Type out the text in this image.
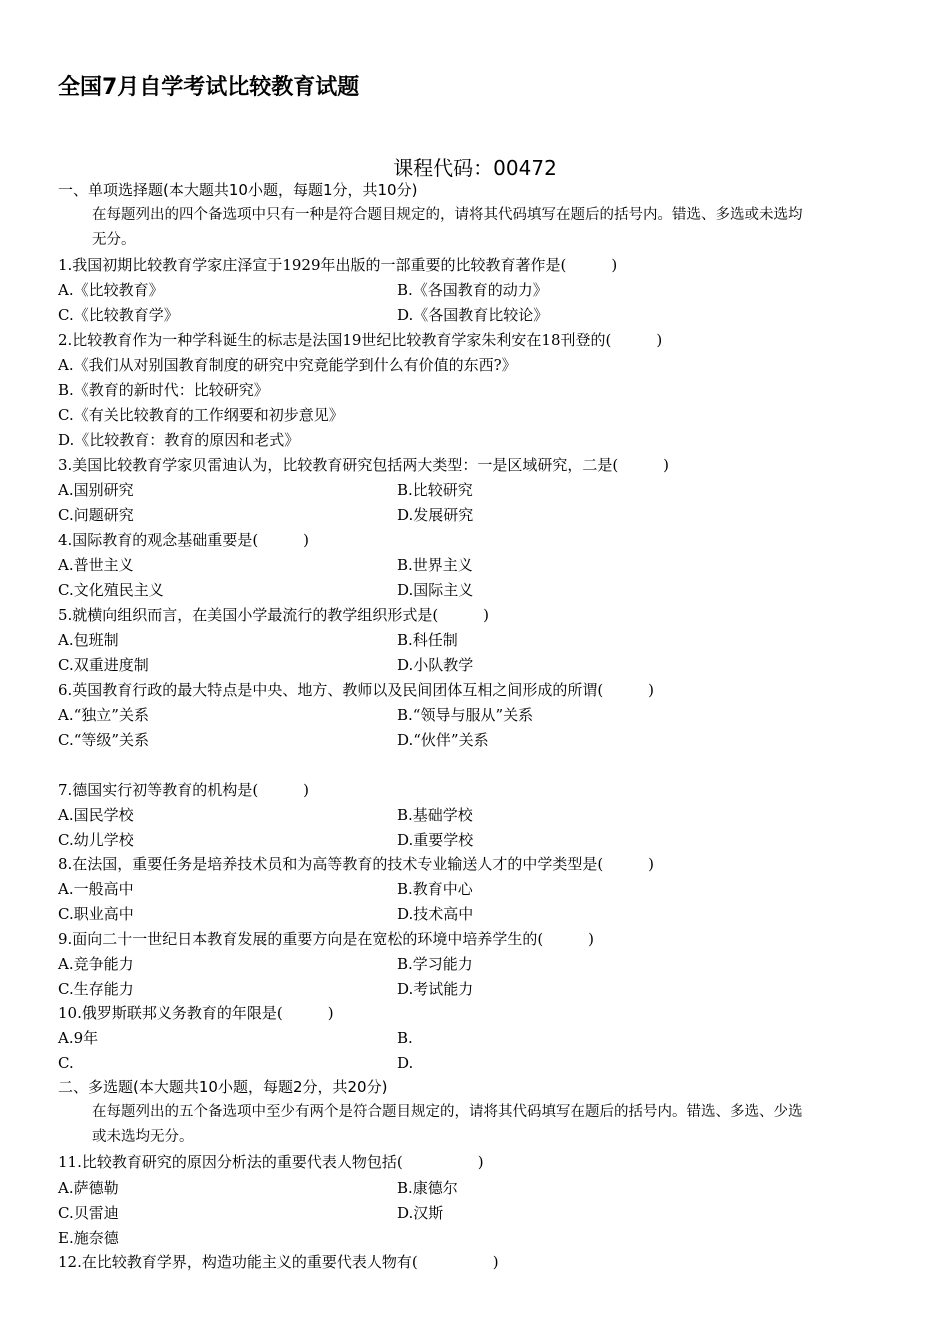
全国7月自学考试比较教育试题
课程代码：00472
一、单项选择题(本大题共10小题，每题1分，共10分)
在每题列出的四个备选项中只有一种是符合题目规定的，请将其代码填写在题后的括号内。错选、多选或未选均
无分。
1.我国初期比较教育学家庄泽宣于1929年出版的一部重要的比较教育著作是(　　　)
A.《比较教育》	B.《各国教育的动力》
C.《比较教育学》	D.《各国教育比较论》
2.比较教育作为一种学科诞生的标志是法国19世纪比较教育学家朱利安在18刊登的(　　　)
A.《我们从对别国教育制度的研究中究竟能学到什么有价值的东西?》
B.《教育的新时代：比较研究》
C.《有关比较教育的工作纲要和初步意见》
D.《比较教育：教育的原因和老式》
3.美国比较教育学家贝雷迪认为，比较教育研究包括两大类型：一是区域研究，二是(　　　)
A.国别研究	B.比较研究
C.问题研究	D.发展研究
4.国际教育的观念基础重要是(　　　)
A.普世主义	B.世界主义
C.文化殖民主义	D.国际主义
5.就横向组织而言，在美国小学最流行的教学组织形式是(　　　)
A.包班制	B.科任制
C.双重进度制	D.小队教学
6.英国教育行政的最大特点是中央、地方、教师以及民间团体互相之间形成的所谓(　　　)
A.“独立”关系	B.“领导与服从”关系
C.“等级”关系	D.“伙伴”关系
7.德国实行初等教育的机构是(　　　)
A.国民学校	B.基础学校
C.幼儿学校	D.重要学校
8.在法国，重要任务是培养技术员和为高等教育的技术专业输送人才的中学类型是(　　　)
A.一般高中	B.教育中心
C.职业高中	D.技术高中
9.面向二十一世纪日本教育发展的重要方向是在宽松的环境中培养学生的(　　　)
A.竞争能力	B.学习能力
C.生存能力	D.考试能力
10.俄罗斯联邦义务教育的年限是(　　　)
A.9年	B.
C.	D.
二、多选题(本大题共10小题，每题2分，共20分)
在每题列出的五个备选项中至少有两个是符合题目规定的，请将其代码填写在题后的括号内。错选、多选、少选
或未选均无分。
11.比较教育研究的原因分析法的重要代表人物包括(　　　　　)
A.萨德勒	B.康德尔
C.贝雷迪	D.汉斯
E.施奈德
12.在比较教育学界，构造功能主义的重要代表人物有(　　　　　)
